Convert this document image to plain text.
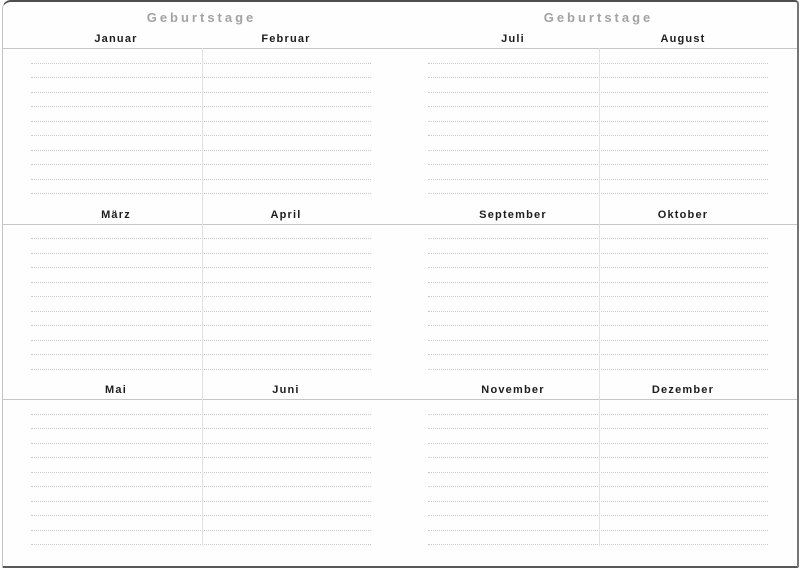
Geburtstage
Januar	Februar
März	April
Mai	Juni
Geburtstage
Juli	August
September	Oktober
November	Dezember
